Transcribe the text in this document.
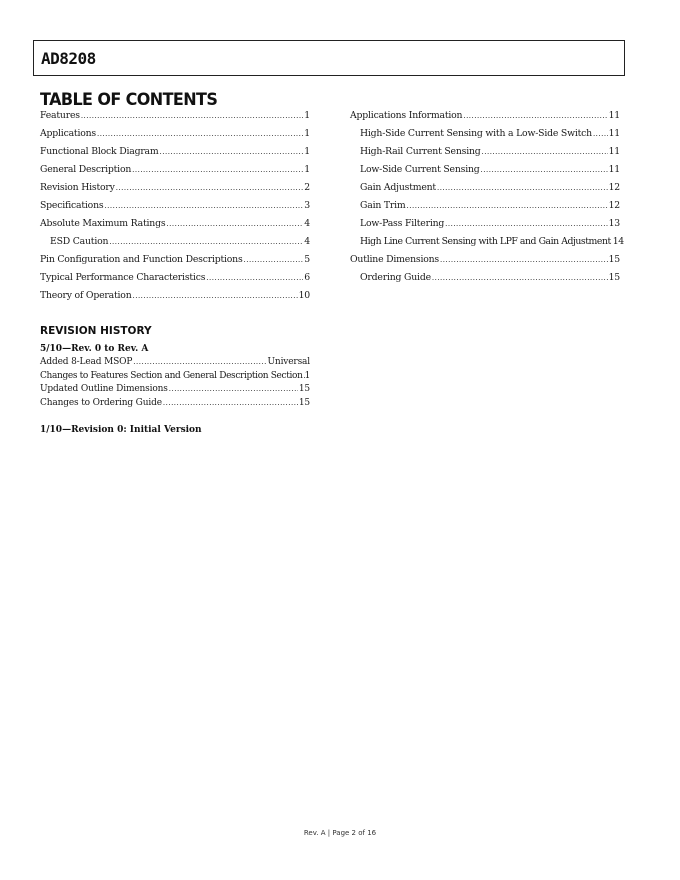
AD8208
TABLE OF CONTENTS
Features .....	1
Applications .....	1
Functional Block Diagram .....	1
General Description .....	1
Revision History .....	2
Specifications .....	3
Absolute Maximum Ratings .....	4
ESD Caution .....	4
Pin Configuration and Function Descriptions .....	5
Typical Performance Characteristics .....	6
Theory of Operation .....	10
Applications Information .....	11
High-Side Current Sensing with a Low-Side Switch ..... 11
High-Rail Current Sensing .....	11
Low-Side Current Sensing .....	11
Gain Adjustment .....	12
Gain Trim .....	12
Low-Pass Filtering .....	13
High Line Current Sensing with LPF and Gain Adjustment 14
Outline Dimensions .....	15
Ordering Guide .....	15
REVISION HISTORY
5/10—Rev. 0 to Rev. A
Added 8-Lead MSOP .....	Universal
Changes to Features Section and General Description Section ..... 1
Updated Outline Dimensions .....	15
Changes to Ordering Guide .....	15
1/10—Revision 0: Initial Version
Rev. A | Page 2 of 16
